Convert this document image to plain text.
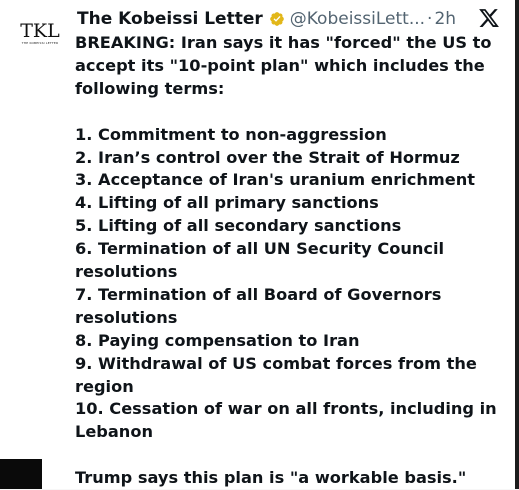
TKL
THE KOBEISSI LETTER
The Kobeissi Letter @KobeissiLett... · 2h

BREAKING: Iran says it has "forced" the US to accept its "10-point plan" which includes the following terms:

1. Commitment to non-aggression
2. Iran’s control over the Strait of Hormuz
3. Acceptance of Iran's uranium enrichment
4. Lifting of all primary sanctions
5. Lifting of all secondary sanctions
6. Termination of all UN Security Council resolutions
7. Termination of all Board of Governors resolutions
8. Paying compensation to Iran
9. Withdrawal of US combat forces from the region
10. Cessation of war on all fronts, including in Lebanon

Trump says this plan is "a workable basis."
